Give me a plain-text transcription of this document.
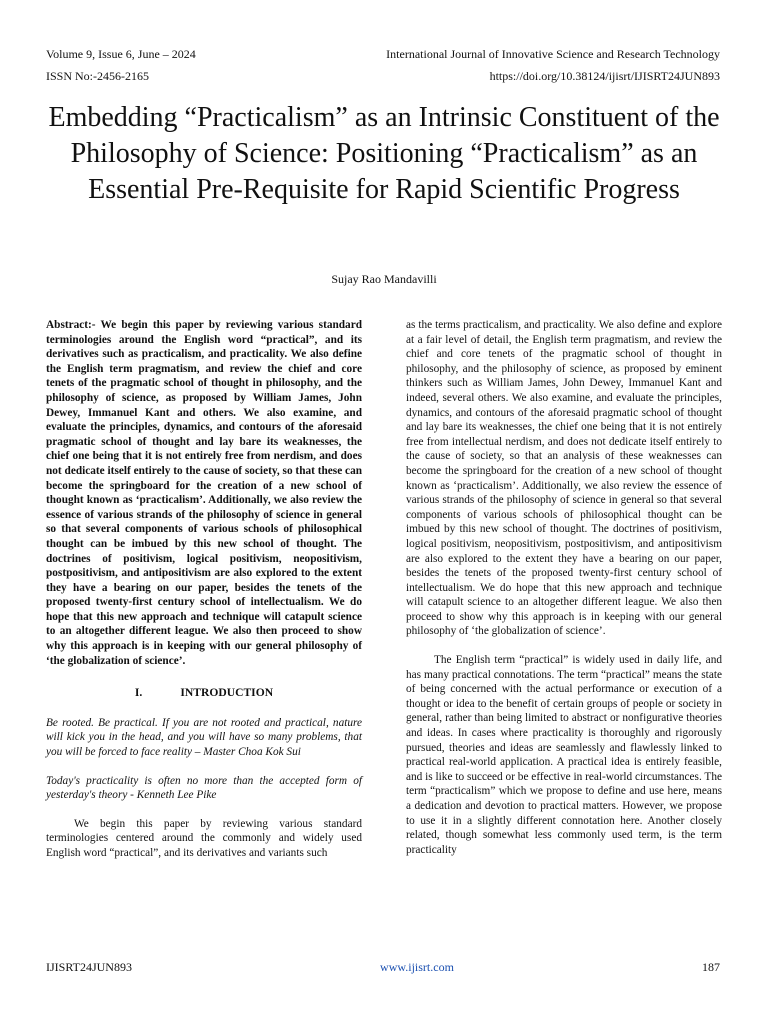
Volume 9, Issue 6, June – 2024	International Journal of Innovative Science and Research Technology
ISSN No:-2456-2165	https://doi.org/10.38124/ijisrt/IJISRT24JUN893
Embedding “Practicalism” as an Intrinsic Constituent of the Philosophy of Science: Positioning “Practicalism” as an Essential Pre-Requisite for Rapid Scientific Progress
Sujay Rao Mandavilli

Abstract:- We begin this paper by reviewing various standard terminologies around the English word “practical”, and its derivatives such as practicalism, and practicality. We also define the English term pragmatism, and review the chief and core tenets of the pragmatic school of thought in philosophy, and the philosophy of science, as proposed by William James, John Dewey, Immanuel Kant and others. We also examine, and evaluate the principles, dynamics, and contours of the aforesaid pragmatic school of thought and lay bare its weaknesses, the chief one being that it is not entirely free from nerdism, and does not dedicate itself entirely to the cause of society, so that these can become the springboard for the creation of a new school of thought known as ‘practicalism’. Additionally, we also review the essence of various strands of the philosophy of science in general so that several components of various schools of philosophical thought can be imbued by this new school of thought. The doctrines of positivism, logical positivism, neopositivism, postpositivism, and antipositivism are also explored to the extent they have a bearing on our paper, besides the tenets of the proposed twenty-first century school of intellectualism. We do hope that this new approach and technique will catapult science to an altogether different league. We also then proceed to show why this approach is in keeping with our general philosophy of ‘the globalization of science’.

I.	INTRODUCTION

Be rooted. Be practical. If you are not rooted and practical, nature will kick you in the head, and you will have so many problems, that you will be forced to face reality – Master Choa Kok Sui

Today's practicality is often no more than the accepted form of yesterday's theory - Kenneth Lee Pike

We begin this paper by reviewing various standard terminologies centered around the commonly and widely used English word “practical”, and its derivatives and variants such

as the terms practicalism, and practicality. We also define and explore at a fair level of detail, the English term pragmatism, and review the chief and core tenets of the pragmatic school of thought in philosophy, and the philosophy of science, as proposed by eminent thinkers such as William James, John Dewey, Immanuel Kant and indeed, several others. We also examine, and evaluate the principles, dynamics, and contours of the aforesaid pragmatic school of thought and lay bare its weaknesses, the chief one being that it is not entirely free from intellectual nerdism, and does not dedicate itself entirely to the cause of society, so that an analysis of these weaknesses can become the springboard for the creation of a new school of thought known as ‘practicalism’. Additionally, we also review the essence of various strands of the philosophy of science in general so that several components of various schools of philosophical thought can be imbued by this new school of thought. The doctrines of positivism, logical positivism, neopositivism, postpositivism, and antipositivism are also explored to the extent they have a bearing on our paper, besides the tenets of the proposed twenty-first century school of intellectualism. We do hope that this new approach and technique will catapult science to an altogether different league. We also then proceed to show why this approach is in keeping with our general philosophy of ‘the globalization of science’.

The English term “practical” is widely used in daily life, and has many practical connotations. The term “practical” means the state of being concerned with the actual performance or execution of a thought or idea to the benefit of certain groups of people or society in general, rather than being limited to abstract or nonfigurative theories and ideas. In cases where practicality is thoroughly and rigorously pursued, theories and ideas are seamlessly and flawlessly linked to practical real-world application. A practical idea is entirely feasible, and is like to succeed or be effective in real-world circumstances. The term “practicalism” which we propose to define and use here, means a dedication and devotion to practical matters. However, we propose to use it in a slightly different connotation here. Another closely related, though somewhat less commonly used term, is the term practicality

IJISRT24JUN893	www.ijisrt.com	187
